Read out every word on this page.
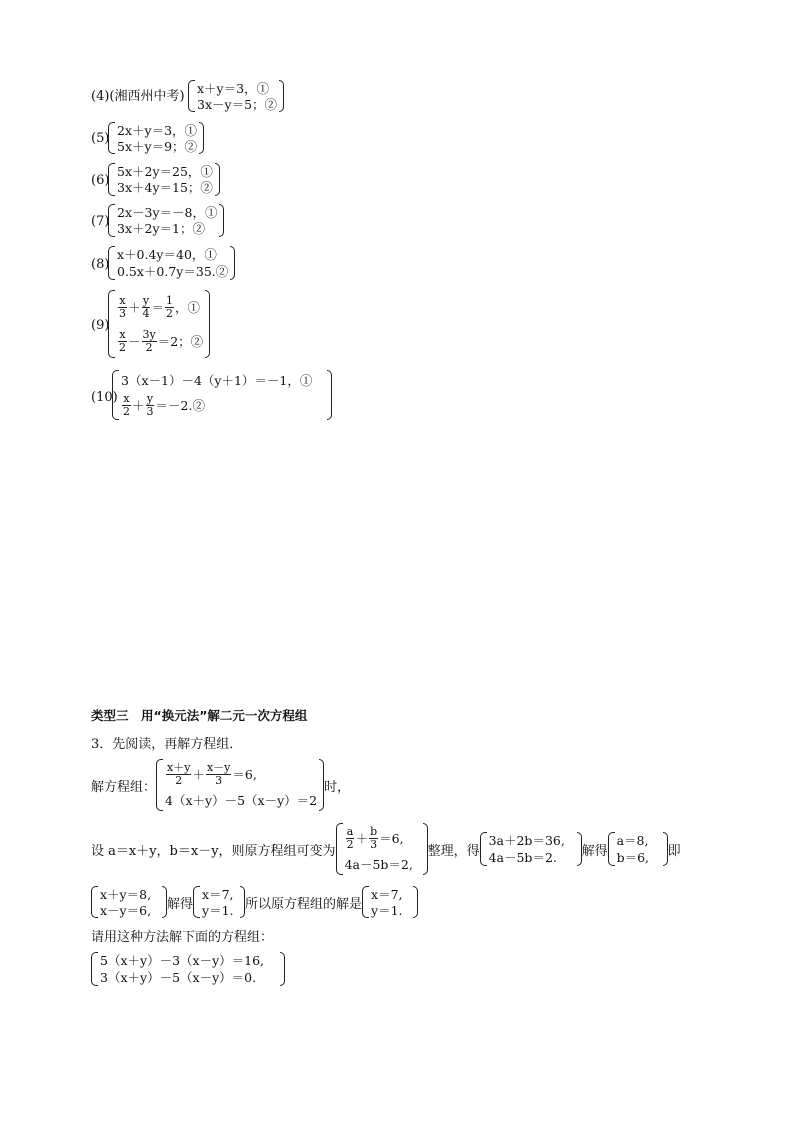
(4)(湘西州中考)
x＋y＝3，①
3x－y＝5；②
(5)
2x＋y＝3，①
5x＋y＝9；②
(6)
5x＋2y＝25，①
3x＋4y＝15；②
(7)
2x－3y＝－8，①
3x＋2y＝1；②
(8)
x＋0.4y＝40，①
0.5x＋0.7y＝35.②
(9)
$\frac{x}{3} + \frac{y}{4} = \frac{1}{2}$ ，①
$\frac{x}{2} - \frac{3y}{2} =2$；②
(10)
3（x－1）－4（y＋1）＝－1，①
$\frac{x}{2} + \frac{y}{3}$ ＝－2.②
类型三　用“换元法”解二元一次方程组
3．先阅读，再解方程组．
解方程组： $\frac{x+y}{2} + \frac{x-y}{3} =6$,
4（x＋y）－5（x－y）＝2
时，
设 a＝x＋y，b＝x－y，则原方程组可变为 $\frac{a}{2} + \frac{b}{3} =6$,
4a－5b＝2,
整理，得
3a＋2b＝36,
4a－5b＝2.	解得
a＝8,
b＝6,	即
x＋y＝8,
x－y＝6,	解得
x＝7,
y＝1. 所以原方程组的解是
x＝7,
y＝1.
请用这种方法解下面的方程组：
5（x＋y）－3（x－y）＝16,
3（x＋y）－5（x－y）＝0.
